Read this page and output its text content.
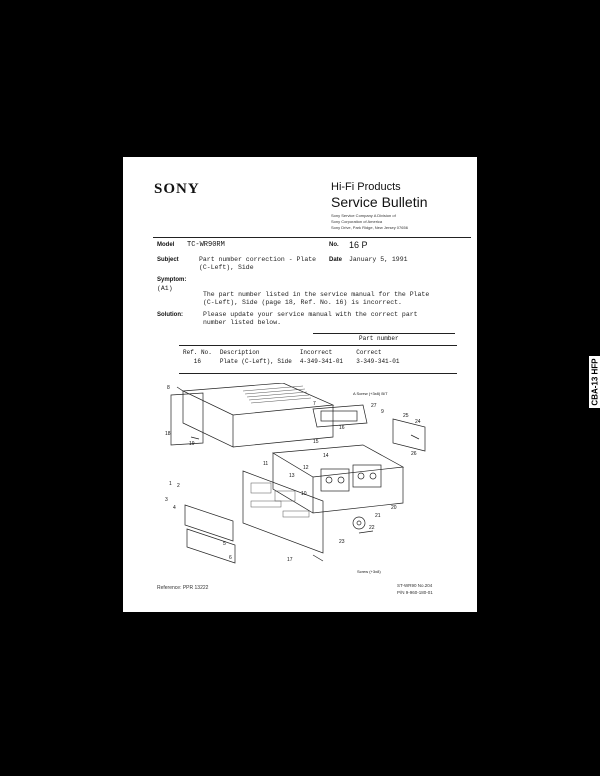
SONY	Hi-Fi Products
Service Bulletin
Sony Service Company A Division of
Sony Corporation of America
Sony Drive, Park Ridge, New Jersey 07656
Model TC-WR90RM	No. 16 P
Subject	Part number correction - Plate
(C-Left), Side
Date January 5, 1991
Symptom:
(A1)
The part number listed in the service manual for the Plate
(C-Left), Side (page 18, Ref. No. 16) is incorrect.
Solution:	Please update your service manual with the correct part
number listed below.
Part number
Ref. No.	Description	Incorrect	Correct
16	Plate (C-Left), Side	4-349-341-01	3-349-341-01
8
18
19
7	27
9
16
15
25
24
26
20
21
22
23
1 2
3
4
5
6
10
11
12
13
14
17
A Screw (+3x8) B/T
Screw (+3x8)
Reference: PPR 13222	ST-WR90 No.204
P/N 9-960-180-01
CBA-13 HFP
